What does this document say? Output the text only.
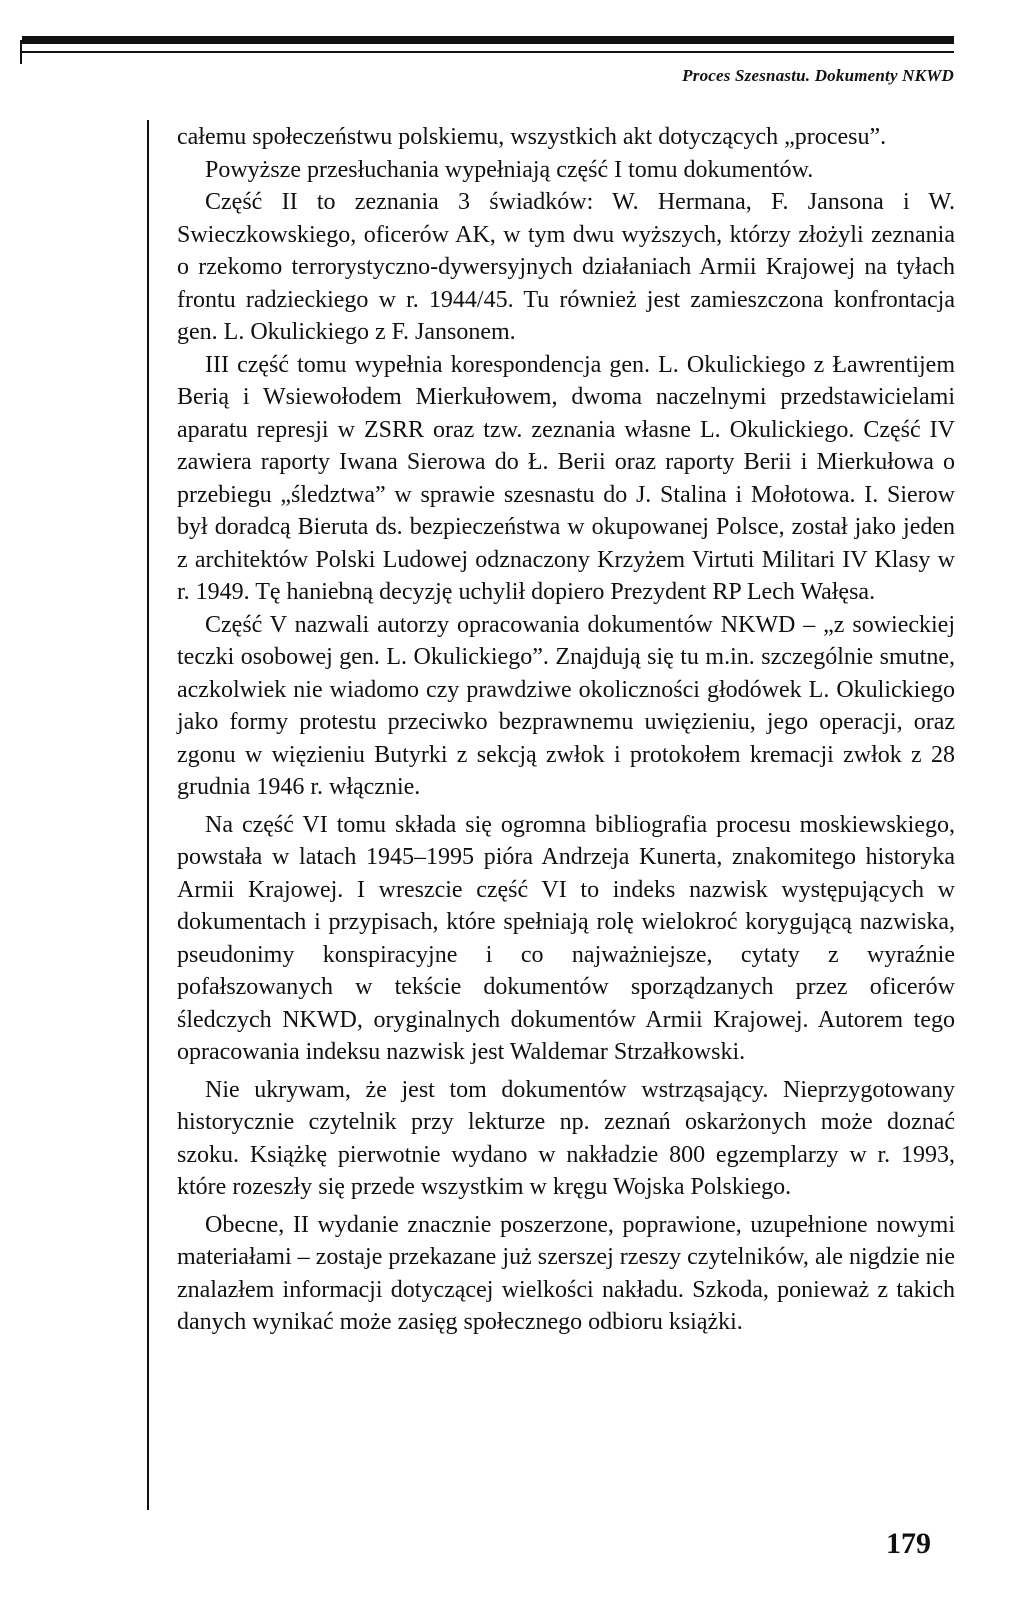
Proces Szesnastu. Dokumenty NKWD

całemu społeczeństwu polskiemu, wszystkich akt dotyczących „procesu”.

Powyższe przesłuchania wypełniają część I tomu dokumentów.

Część II to zeznania 3 świadków: W. Hermana, F. Jansona i W. Swieczkowskiego, oficerów AK, w tym dwu wyższych, którzy złożyli zeznania o rzekomo terrorystyczno-dywersyjnych działaniach Armii Krajowej na tyłach frontu radzieckiego w r. 1944/45. Tu również jest zamieszczona konfrontacja gen. L. Okulickiego z F. Jansonem.

III część tomu wypełnia korespondencja gen. L. Okulickiego z Ławrentijem Berią i Wsiewołodem Mierkułowem, dwoma naczelnymi przedstawicielami aparatu represji w ZSRR oraz tzw. zeznania własne L. Okulickiego. Część IV zawiera raporty Iwana Sierowa do Ł. Berii oraz raporty Berii i Mierkułowa o przebiegu „śledztwa” w sprawie szesnastu do J. Stalina i Mołotowa. I. Sierow był doradcą Bieruta ds. bezpieczeństwa w okupowanej Polsce, został jako jeden z architektów Polski Ludowej odznaczony Krzyżem Virtuti Militari IV Klasy w r. 1949. Tę haniebną decyzję uchylił dopiero Prezydent RP Lech Wałęsa.

Część V nazwali autorzy opracowania dokumentów NKWD – „z sowieckiej teczki osobowej gen. L. Okulickiego”. Znajdują się tu m.in. szczególnie smutne, aczkolwiek nie wiadomo czy prawdziwe okoliczności głodówek L. Okulickiego jako formy protestu przeciwko bezprawnemu uwięzieniu, jego operacji, oraz zgonu w więzieniu Butyrki z sekcją zwłok i protokołem kremacji zwłok z 28 grudnia 1946 r. włącznie.

Na część VI tomu składa się ogromna bibliografia procesu moskiewskiego, powstała w latach 1945–1995 pióra Andrzeja Kunerta, znakomitego historyka Armii Krajowej. I wreszcie część VI to indeks nazwisk występujących w dokumentach i przypisach, które spełniają rolę wielokroć korygującą nazwiska, pseudonimy konspiracyjne i co najważniejsze, cytaty z wyraźnie pofałszowanych w tekście dokumentów sporządzanych przez oficerów śledczych NKWD, oryginalnych dokumentów Armii Krajowej. Autorem tego opracowania indeksu nazwisk jest Waldemar Strzałkowski.

Nie ukrywam, że jest tom dokumentów wstrząsający. Nieprzygotowany historycznie czytelnik przy lekturze np. zeznań oskarżonych może doznać szoku. Książkę pierwotnie wydano w nakładzie 800 egzemplarzy w r. 1993, które rozeszły się przede wszystkim w kręgu Wojska Polskiego.

Obecne, II wydanie znacznie poszerzone, poprawione, uzupełnione nowymi materiałami – zostaje przekazane już szerszej rzeszy czytelników, ale nigdzie nie znalazłem informacji dotyczącej wielkości nakładu. Szkoda, ponieważ z takich danych wynikać może zasięg społecznego odbioru książki.

179
